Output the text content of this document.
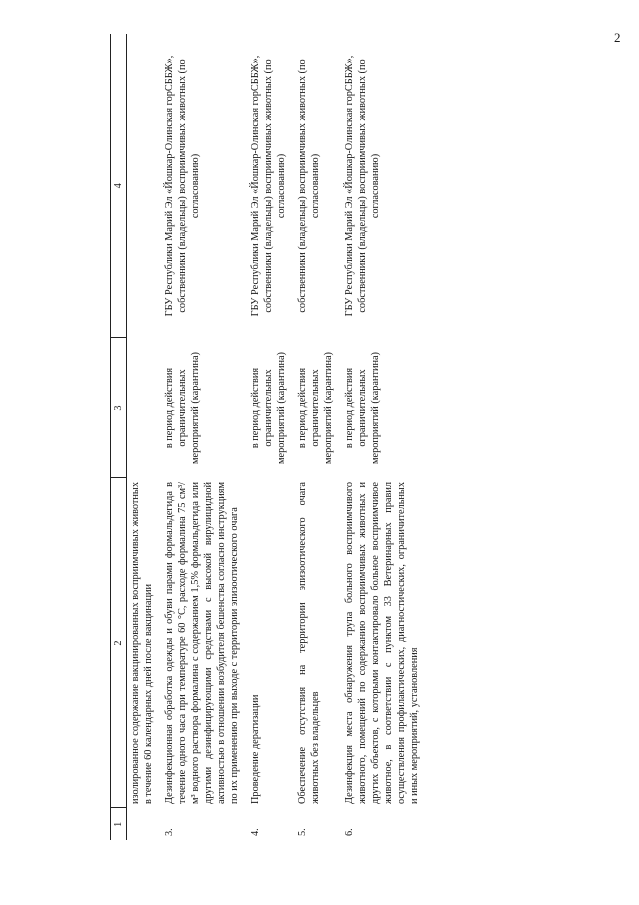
2
1	2	3	4
	изолированное содержание вакцинированных восприимчивых животных в течение 60 календарных дней после вакцинации		
3.	Дезинфекционная обработка одежды и обуви парами формальдегида в течение одного часа при температуре 60 °С, расходе формалина 75 см³/м³ водного раствора формалина с содержанием 1,5% формальдегида или другими дезинфицирующими средствами с высокой вирулицидной активностью в отношении возбудителя бешенства согласно инструкциям по их применению при выходе с территории эпизоотического очага	в период действия ограничительных мероприятий (карантина)	ГБУ Республики Марий Эл «Йошкар-Олинская горСББЖ», собственники (владельцы) восприимчивых животных (по согласованию)
4.	Проведение дератизации	в период действия ограничительных мероприятий (карантина)	ГБУ Республики Марий Эл «Йошкар-Олинская горСББЖ», собственники (владельцы) восприимчивых животных (по согласованию)
5.	Обеспечение отсутствия на территории эпизоотического очага животных без владельцев	в период действия ограничительных мероприятий (карантина)	собственники (владельцы) восприимчивых животных (по согласованию)
6.	Дезинфекция места обнаружения трупа больного восприимчивого животного, помещений по содержанию восприимчивых животных и других объектов, с которыми контактировало больное восприимчивое животное, в соответствии с пунктом 33 Ветеринарных правил осуществления профилактических, диагностических, ограничительных и иных мероприятий, установления	в период действия ограничительных мероприятий (карантина)	ГБУ Республики Марий Эл «Йошкар-Олинская горСББЖ», собственники (владельцы) восприимчивых животных (по согласованию)
